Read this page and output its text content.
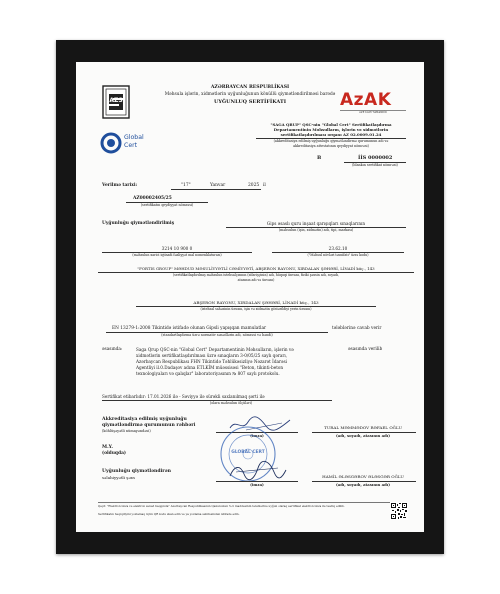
AZS
AZƏRBAYCAN RESPUBLİKASI
Məhsula işlərin, xidmətlərin uyğunluğunun könüllü qiymətləndirilməsi barədə
UYĞUNLUQ SERTİFİKATI	AzAK
AZE KAMİ TƏMƏNDİR
Global
Cert
"SAGA QRUP" QSC-nin "Global Cert" Sertifikatlaşdırma
Departamentinin Məhsulların, işlərin və xidmətlərin
sertifikatlaşdırılması orqanı AZ 02.0009.01.24
(akkreditasiya edilmiş uyğunluğu qiymətləndirmə qurumunun adı və
akkreditasiya attestatının qeydiyyat nömrəsi)
B	İİS 0000002
(blankın sertifikat nömrəsi)
Verilmə tarixi:	"17"	Yanvar	2025 il
AZ00002405/25
(sertifikatın qeydiyyat nömrəsi)
Uyğunluğu qiymətləndirilmiş	Gips əsaslı quru inşaat qarışıqları sınaqlarının
(məhsulun (işin, xidmətin) adı, tipi, markası)
3214 10 900 0
(məhsulun xarici iqtisadi fəaliyyət mal nomenklaturası)
23.62.10
("Məhsul növləri təsnifatı" üzrə kodu)
"FORTIS GROUP" MƏHDUD MƏSULİYYƏTLİ CƏMİYYƏTİ, ABŞERON RAYONU, XIRDALAN ŞƏHƏRİ, LİNADİ küç., 143
(sertifikatlaşdırılmış məhsulun istehsalçısının (sifarişçinin) adı, hüquqi ünvanı, fiziki şəxsin adı, soyadı,
atasının adı və ünvanı)
ABŞERON RAYONU, XIRDALAN ŞƏHƏRİ, LİNADİ küç., 143
(istehsal sahəsinin ünvanı, işin və xidmətin göstərildiyi yerin ünvanı)
EN 13279-1:2008 Tikintidə istifadə olunan Gipsli yapışqan mamulatlar	tələblərinə cavab verir
(standartlaşdırma üzrə normativ sənədlərin adı, nömrəsi və bəndi)
əsasında:	Saga Qrup QSC-nin "Global Cert" Departamentinin Məhsulların, işlərin və
xidmətlərin sertifikatlaşdırılması üzrə sınaqların 3-0/05/25 saylı qərarı,
Azərbaycan Respublikası FHN Tikintidə Təhlükəsizliyə Nəzarət İdarəsi
Agentliyi il.0.Dadaşov adına ETLKİM müəssisəsi "Beton, tikinti-beton
texnologiyaları və qalıqlar" laboratoriyasının № 807 saylı protokolu.
əsasında verilib
Sertifikat etibarlıdır: 17.01.2026 ilə - Səviyyə ilə sürəkli saxlanılmaq şərti ilə
(olara məhsulun ölçüləri)
Akkreditasiya edilmiş uyğunluğu
qiymətləndirmə qurumunun rəhbəri
(köhlüşəyətli nümayəndəsi)
(imza)
TURAL MƏMMƏDOV RƏFAEL OĞLU
(adı, soyadı, atasının adı)
GLOBAL CERT
M.Y.
(olduqda)
Uyğunluğu qiymətləndirən
səlahiyyətli şəxs
(imza)
HAMİL ƏLƏSGƏROV ƏLƏSGƏR OĞLU
(adı, soyadı, atasının adı)
Qeyd: "Elektron imza və elektron sənəd haqqında" Azərbaycan Respublikasının Qanununun 5-ci maddəsinin tələblərinə uyğun olaraq sertifikat elektron imza ilə təsdiq edilib.
Sertifikatın həqiqiliyini yoxlamaq üçün QR kodu skan edin və ya yoxlama səhifəsindən istifadə edin.
